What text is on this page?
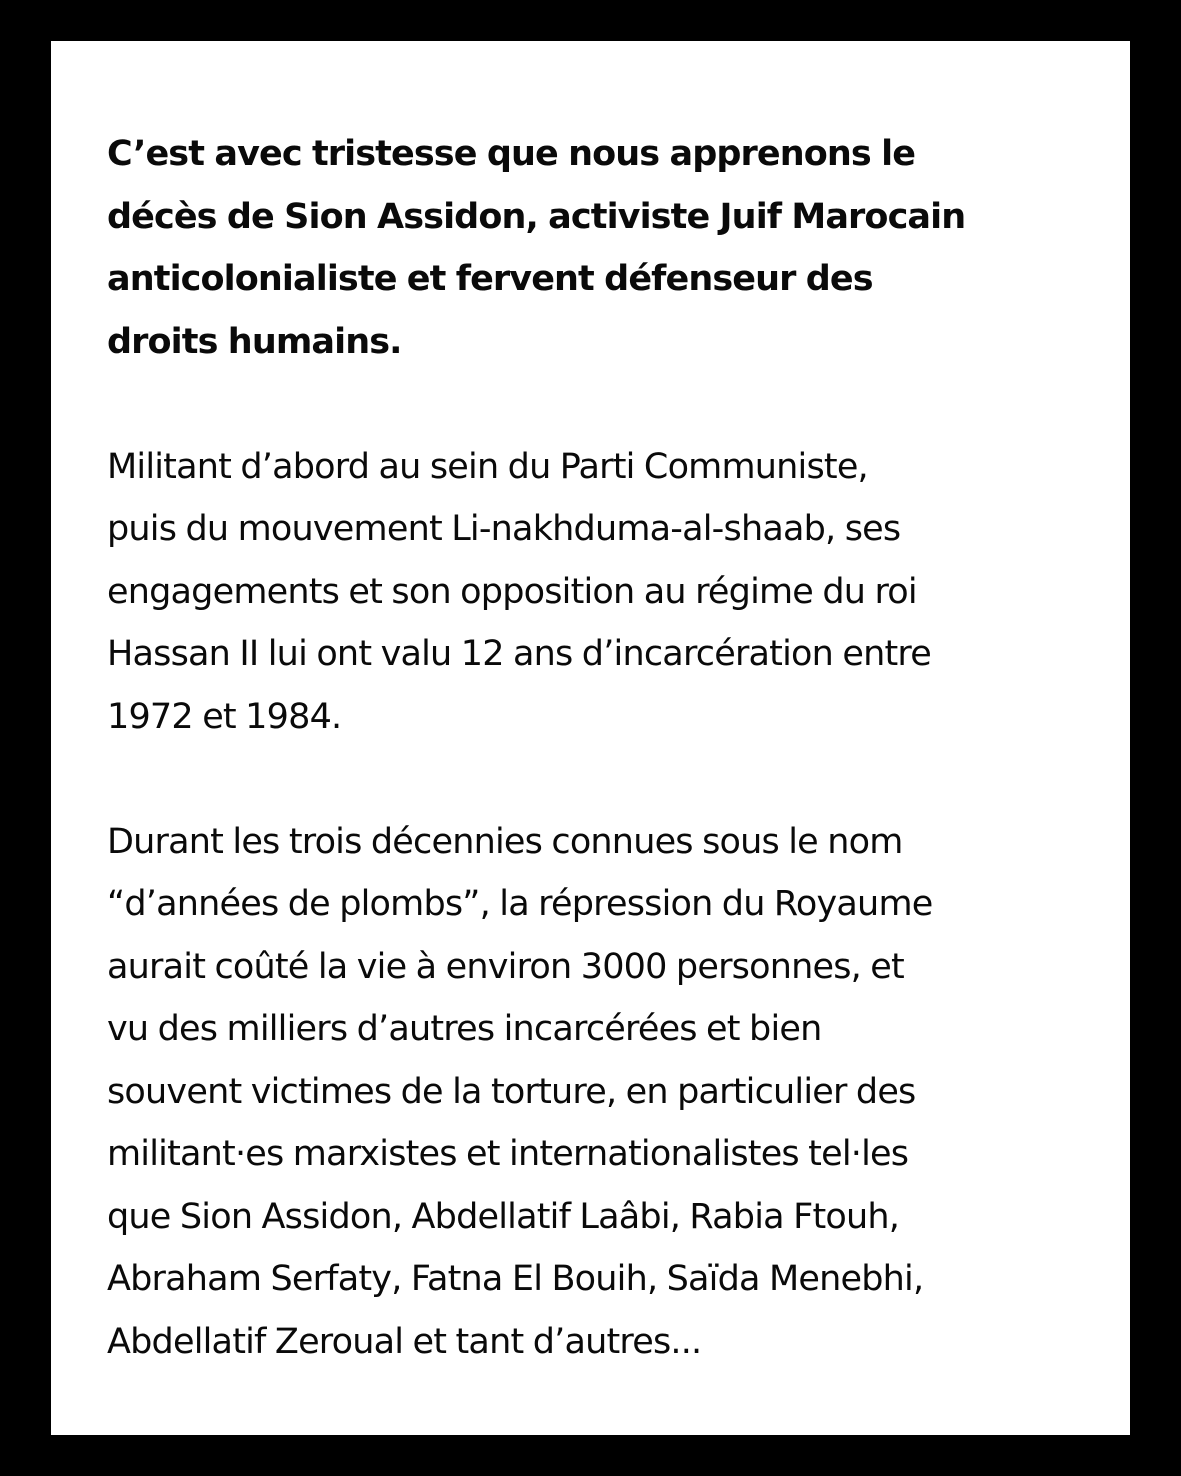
C’est avec tristesse que nous apprenons le
décès de Sion Assidon, activiste Juif Marocain
anticolonialiste et fervent défenseur des
droits humains.

Militant d’abord au sein du Parti Communiste,
puis du mouvement Li-nakhduma-al-shaab, ses
engagements et son opposition au régime du roi
Hassan II lui ont valu 12 ans d’incarcération entre
1972 et 1984.

Durant les trois décennies connues sous le nom
“d’années de plombs”, la répression du Royaume
aurait coûté la vie à environ 3000 personnes, et
vu des milliers d’autres incarcérées et bien
souvent victimes de la torture, en particulier des
militant·es marxistes et internationalistes tel·les
que Sion Assidon, Abdellatif Laâbi, Rabia Ftouh,
Abraham Serfaty, Fatna El Bouih, Saïda Menebhi,
Abdellatif Zeroual et tant d’autres...
